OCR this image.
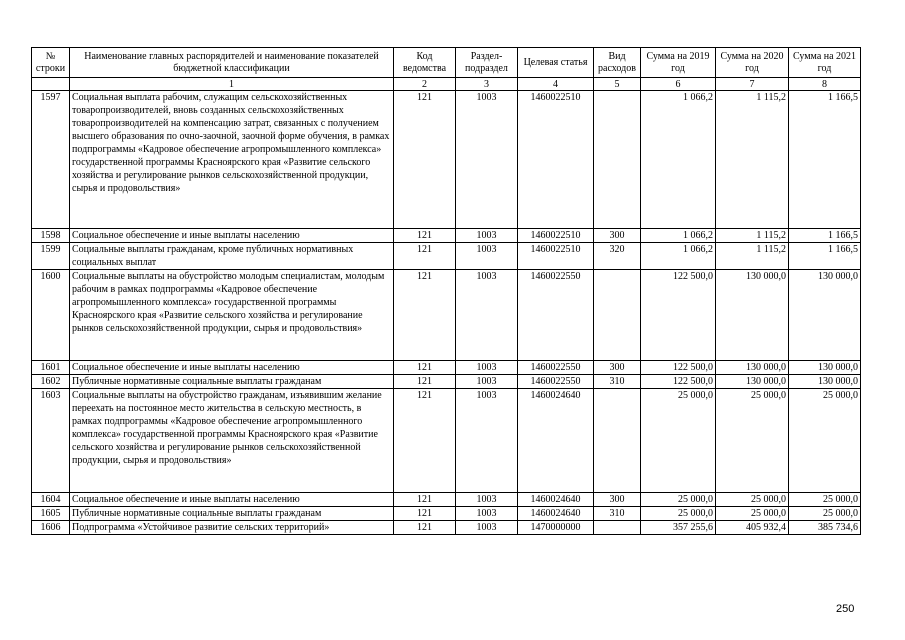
№ строки	Наименование главных распорядителей и наименование показателей бюджетной классификации	Код ведомства	Раздел-подраздел	Целевая статья	Вид расходов	Сумма на 2019 год	Сумма на 2020 год	Сумма на 2021 год
	1	2	3	4	5	6	7	8
1597	Социальная выплата рабочим, служащим сельскохозяйственных товаропроизводителей, вновь созданных сельскохозяйственных товаропроизводителей на компенсацию затрат, связанных с получением высшего образования по очно-заочной, заочной форме обучения, в рамках подпрограммы «Кадровое обеспечение агропромышленного комплекса» государственной программы Красноярского края «Развитие сельского хозяйства и регулирование рынков сельскохозяйственной продукции, сырья и продовольствия»	121	1003	1460022510		1 066,2	1 115,2	1 166,5
1598	Социальное обеспечение и иные выплаты населению	121	1003	1460022510	300	1 066,2	1 115,2	1 166,5
1599	Социальные выплаты гражданам, кроме публичных нормативных социальных выплат	121	1003	1460022510	320	1 066,2	1 115,2	1 166,5
1600	Социальные выплаты на обустройство молодым специалистам, молодым рабочим в рамках подпрограммы «Кадровое обеспечение агропромышленного комплекса» государственной программы Красноярского края «Развитие сельского хозяйства и регулирование рынков сельскохозяйственной продукции, сырья и продовольствия»	121	1003	1460022550		122 500,0	130 000,0	130 000,0
1601	Социальное обеспечение и иные выплаты населению	121	1003	1460022550	300	122 500,0	130 000,0	130 000,0
1602	Публичные нормативные социальные выплаты гражданам	121	1003	1460022550	310	122 500,0	130 000,0	130 000,0
1603	Социальные выплаты на обустройство гражданам, изъявившим желание переехать на постоянное место жительства в сельскую местность, в рамках подпрограммы «Кадровое обеспечение агропромышленного комплекса» государственной программы Красноярского края «Развитие сельского хозяйства и регулирование рынков сельскохозяйственной продукции, сырья и продовольствия»	121	1003	1460024640		25 000,0	25 000,0	25 000,0
1604	Социальное обеспечение и иные выплаты населению	121	1003	1460024640	300	25 000,0	25 000,0	25 000,0
1605	Публичные нормативные социальные выплаты гражданам	121	1003	1460024640	310	25 000,0	25 000,0	25 000,0
1606	Подпрограмма «Устойчивое развитие сельских территорий»	121	1003	1470000000		357 255,6	405 932,4	385 734,6
250
